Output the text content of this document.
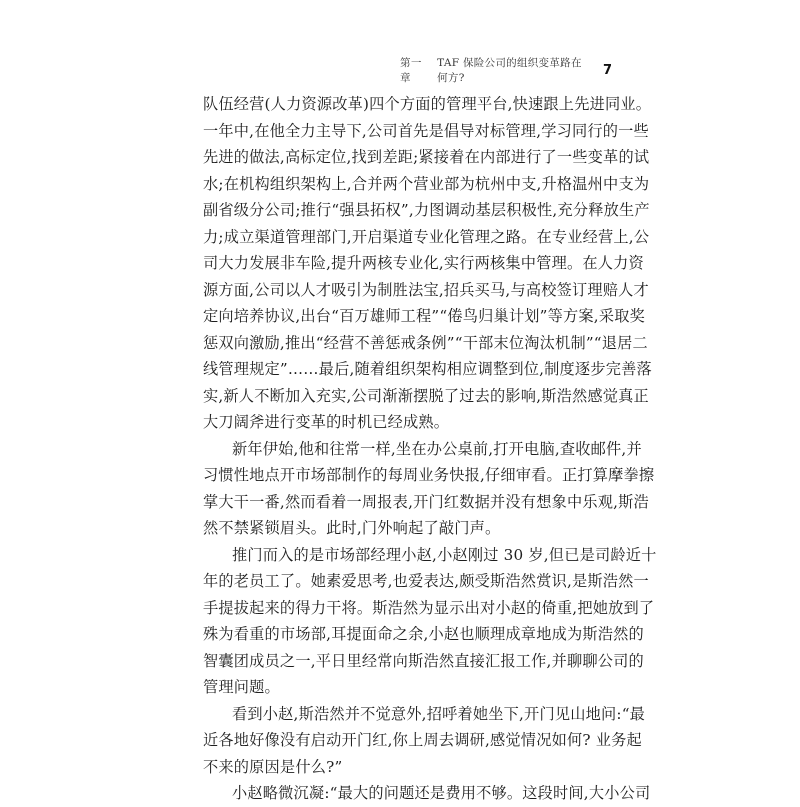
第一章
TAF 保险公司的组织变革路在何方?
7
队伍经营(人力资源改革)四个方面的管理平台,快速跟上先进同业。
一年中,在他全力主导下,公司首先是倡导对标管理,学习同行的一些
先进的做法,高标定位,找到差距;紧接着在内部进行了一些变革的试
水;在机构组织架构上,合并两个营业部为杭州中支,升格温州中支为
副省级分公司;推行“强县拓权”,力图调动基层积极性,充分释放生产
力;成立渠道管理部门,开启渠道专业化管理之路。在专业经营上,公
司大力发展非车险,提升两核专业化,实行两核集中管理。在人力资
源方面,公司以人才吸引为制胜法宝,招兵买马,与高校签订理赔人才
定向培养协议,出台“百万雄师工程”“倦鸟归巢计划”等方案,采取奖
惩双向激励,推出“经营不善惩戒条例”“干部末位淘汰机制”“退居二
线管理规定”……最后,随着组织架构相应调整到位,制度逐步完善落
实,新人不断加入充实,公司渐渐摆脱了过去的影响,斯浩然感觉真正
大刀阔斧进行变革的时机已经成熟。
新年伊始,他和往常一样,坐在办公桌前,打开电脑,查收邮件,并
习惯性地点开市场部制作的每周业务快报,仔细审看。正打算摩拳擦
掌大干一番,然而看着一周报表,开门红数据并没有想象中乐观,斯浩
然不禁紧锁眉头。此时,门外响起了敲门声。
推门而入的是市场部经理小赵,小赵刚过 30 岁,但已是司龄近十
年的老员工了。她素爱思考,也爱表达,颇受斯浩然赏识,是斯浩然一
手提拔起来的得力干将。斯浩然为显示出对小赵的倚重,把她放到了
殊为看重的市场部,耳提面命之余,小赵也顺理成章地成为斯浩然的
智囊团成员之一,平日里经常向斯浩然直接汇报工作,并聊聊公司的
管理问题。
看到小赵,斯浩然并不觉意外,招呼着她坐下,开门见山地问:“最
近各地好像没有启动开门红,你上周去调研,感觉情况如何? 业务起
不来的原因是什么?”
小赵略微沉凝:“最大的问题还是费用不够。这段时间,大小公司
